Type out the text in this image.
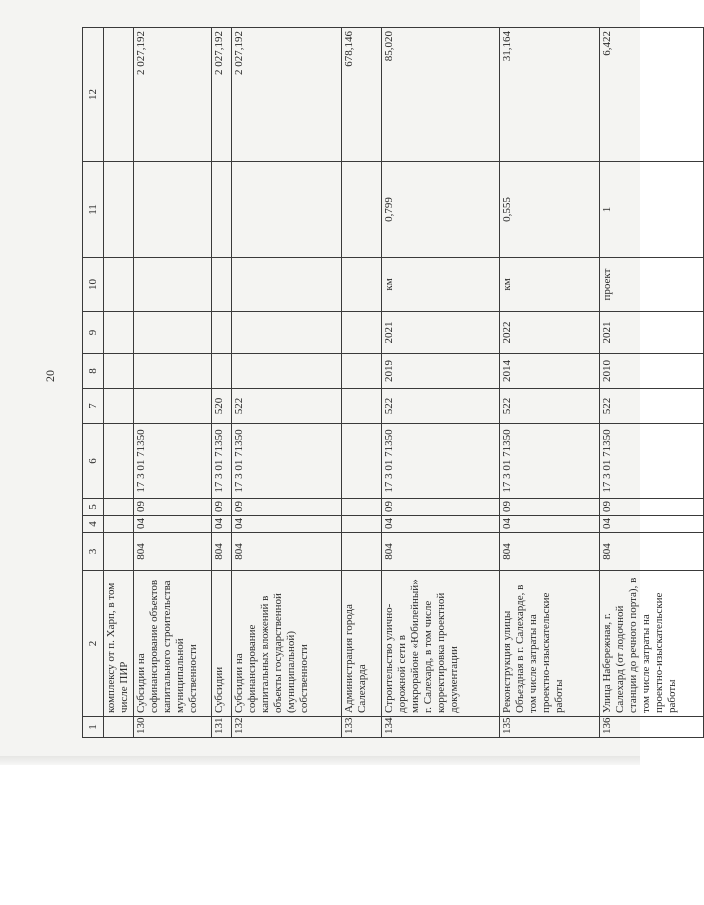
20
1	2	3	4	5	6	7	8	9	10	11	12
	комплексу от п. Харп, в том числе ПИР										
130	Субсидии на софинансирование объектов капитального строительства муниципальной собственности	804	04	09	17 3 01 71350						2 027,192
131	Субсидии	804	04	09	17 3 01 71350	520					2 027,192
132	Субсидии на софинансирование капитальных вложений в объекты государственной (муниципальной) собственности	804	04	09	17 3 01 71350	522					2 027,192
133	Администрация города Салехарда										678,146
134	Строительство улично-дорожной сети в микрорайоне «Юбилейный» г. Салехард, в том числе корректировка проектной документации	804	04	09	17 3 01 71350	522	2019	2021	км	0,799	85,020
135	Реконструкция улицы Объездная в г. Салехарде, в том числе затраты на проектно-изыскательские работы	804	04	09	17 3 01 71350	522	2014	2022	км	0,555	31,164
136	Улица Набережная, г. Салехард (от лодочной станции до речного порта), в том числе затраты на проектно-изыскательские работы	804	04	09	17 3 01 71350	522	2010	2021	проект	1	6,422
